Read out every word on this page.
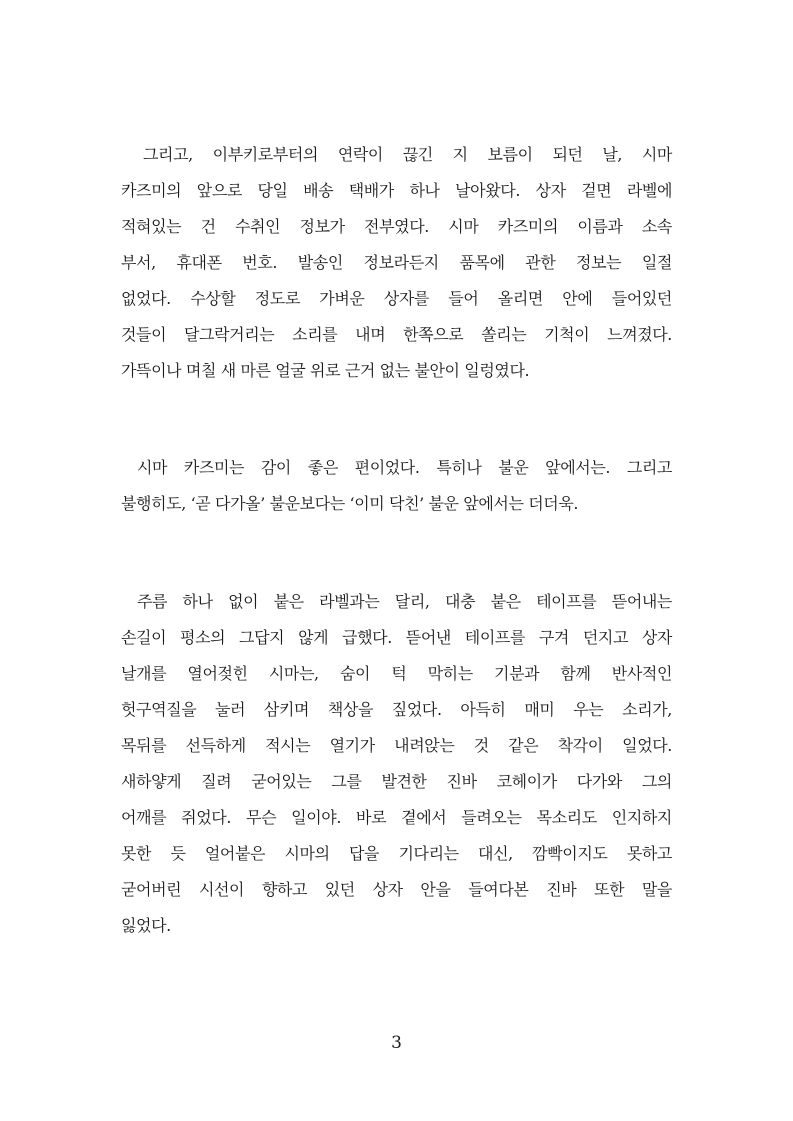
그리고, 이부키로부터의 연락이 끊긴 지 보름이 되던 날, 시마
카즈미의 앞으로 당일 배송 택배가 하나 날아왔다. 상자 겉면 라벨에
적혀있는 건 수취인 정보가 전부였다. 시마 카즈미의 이름과 소속
부서, 휴대폰 번호. 발송인 정보라든지 품목에 관한 정보는 일절
없었다. 수상할 정도로 가벼운 상자를 들어 올리면 안에 들어있던
것들이 달그락거리는 소리를 내며 한쪽으로 쏠리는 기척이 느껴졌다.
가뜩이나 며칠 새 마른 얼굴 위로 근거 없는 불안이 일렁였다.
시마 카즈미는 감이 좋은 편이었다. 특히나 불운 앞에서는. 그리고
불행히도, ‘곧 다가올’ 불운보다는 ‘이미 닥친’ 불운 앞에서는 더더욱.
주름 하나 없이 붙은 라벨과는 달리, 대충 붙은 테이프를 뜯어내는
손길이 평소의 그답지 않게 급했다. 뜯어낸 테이프를 구겨 던지고 상자
날개를 열어젖힌 시마는, 숨이 턱 막히는 기분과 함께 반사적인
헛구역질을 눌러 삼키며 책상을 짚었다. 아득히 매미 우는 소리가,
목뒤를 선득하게 적시는 열기가 내려앉는 것 같은 착각이 일었다.
새하얗게 질려 굳어있는 그를 발견한 진바 코헤이가 다가와 그의
어깨를 쥐었다. 무슨 일이야. 바로 곁에서 들려오는 목소리도 인지하지
못한 듯 얼어붙은 시마의 답을 기다리는 대신, 깜빡이지도 못하고
굳어버린 시선이 향하고 있던 상자 안을 들여다본 진바 또한 말을
잃었다.
3
